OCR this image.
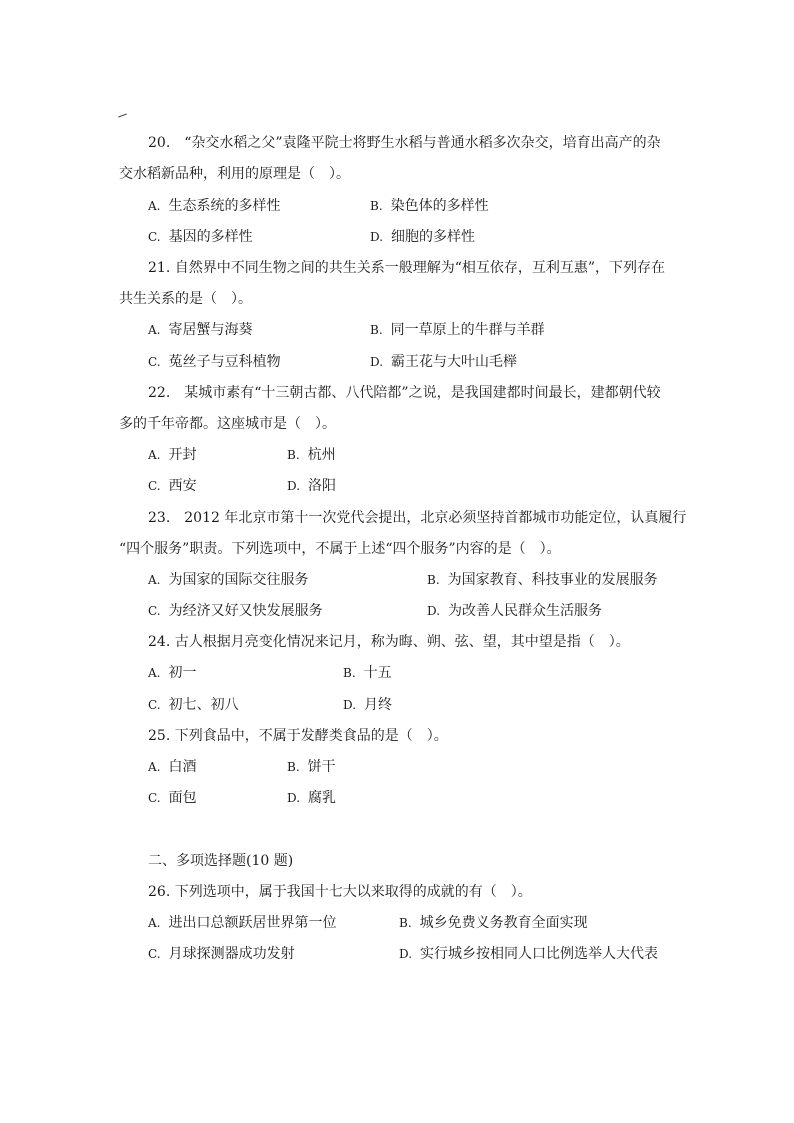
20.　“杂交水稻之父”袁隆平院士将野生水稻与普通水稻多次杂交，培育出高产的杂
交水稻新品种，利用的原理是（　）。
A. 生态系统的多样性	B. 染色体的多样性
C. 基因的多样性	D. 细胞的多样性
21. 自然界中不同生物之间的共生关系一般理解为“相互依存，互利互惠”，下列存在
共生关系的是（　）。
A. 寄居蟹与海葵	B. 同一草原上的牛群与羊群
C. 菟丝子与豆科植物	D. 霸王花与大叶山毛榉
22.　某城市素有“十三朝古都、八代陪都”之说，是我国建都时间最长，建都朝代较
多的千年帝都。这座城市是（　）。
A. 开封	B. 杭州
C. 西安	D. 洛阳
23.　2012 年北京市第十一次党代会提出，北京必须坚持首都城市功能定位，认真履行
“四个服务”职责。下列选项中，不属于上述“四个服务”内容的是（　）。
A. 为国家的国际交往服务	B. 为国家教育、科技事业的发展服务
C. 为经济又好又快发展服务	D. 为改善人民群众生活服务
24. 古人根据月亮变化情况来记月，称为晦、朔、弦、望，其中望是指（　）。
A. 初一	B. 十五
C. 初七、初八	D. 月终
25. 下列食品中，不属于发酵类食品的是（　）。
A. 白酒	B. 饼干
C. 面包	D. 腐乳
二、多项选择题(10 题)
26. 下列选项中，属于我国十七大以来取得的成就的有（　）。
A. 进出口总额跃居世界第一位	B. 城乡免费义务教育全面实现
C. 月球探测器成功发射	D. 实行城乡按相同人口比例选举人大代表
